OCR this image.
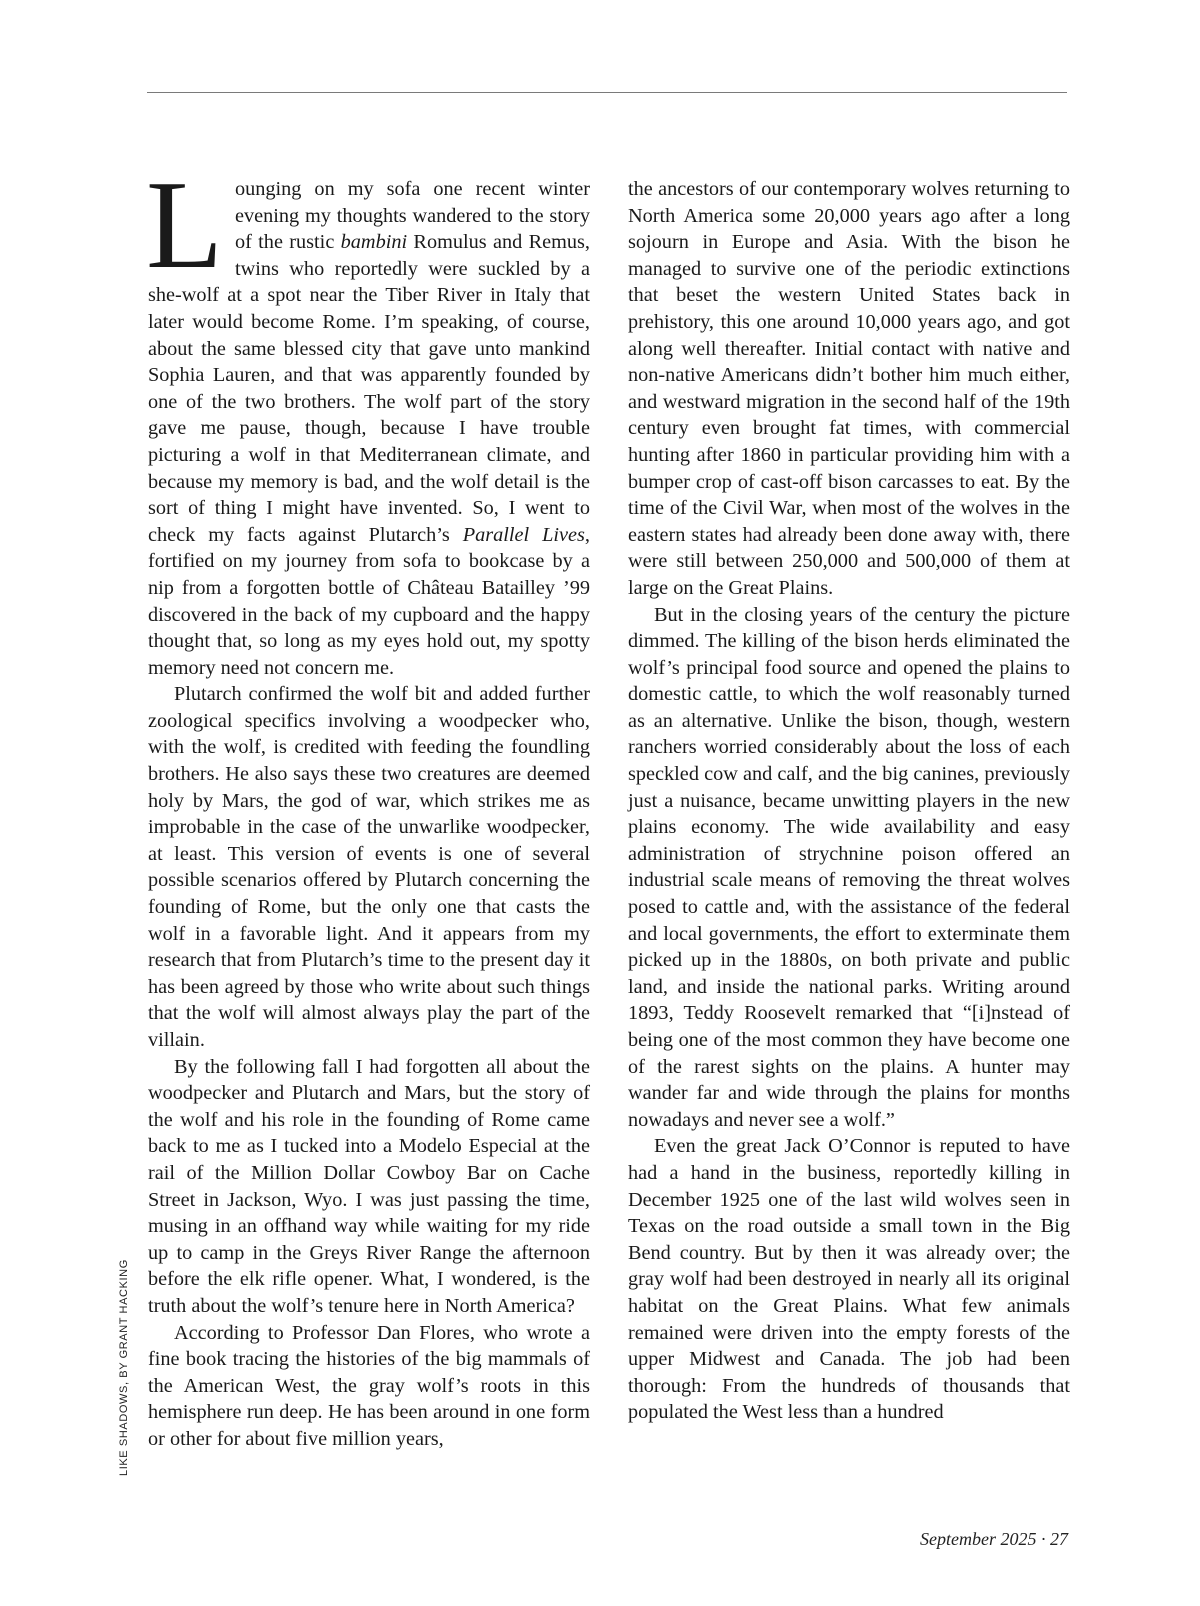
Lounging on my sofa one recent winter evening my thoughts wandered to the story of the rustic bambini Romulus and Remus, twins who reportedly were suckled by a she-wolf at a spot near the Tiber River in Italy that later would become Rome. I’m speaking, of course, about the same blessed city that gave unto mankind Sophia Lauren, and that was apparently founded by one of the two brothers. The wolf part of the story gave me pause, though, because I have trouble picturing a wolf in that Mediterranean climate, and because my memory is bad, and the wolf detail is the sort of thing I might have invented. So, I went to check my facts against Plutarch’s Parallel Lives, fortified on my journey from sofa to bookcase by a nip from a forgotten bottle of Château Batailley ’99 discovered in the back of my cupboard and the happy thought that, so long as my eyes hold out, my spotty memory need not concern me.

Plutarch confirmed the wolf bit and added further zoological specifics involving a woodpecker who, with the wolf, is credited with feeding the foundling brothers. He also says these two creatures are deemed holy by Mars, the god of war, which strikes me as improbable in the case of the unwarlike woodpecker, at least. This version of events is one of several possible scenarios offered by Plutarch concerning the founding of Rome, but the only one that casts the wolf in a favorable light. And it appears from my research that from Plutarch’s time to the present day it has been agreed by those who write about such things that the wolf will almost always play the part of the villain.

By the following fall I had forgotten all about the woodpecker and Plutarch and Mars, but the story of the wolf and his role in the founding of Rome came back to me as I tucked into a Modelo Especial at the rail of the Million Dollar Cowboy Bar on Cache Street in Jackson, Wyo. I was just passing the time, musing in an offhand way while waiting for my ride up to camp in the Greys River Range the afternoon before the elk rifle opener. What, I wondered, is the truth about the wolf’s tenure here in North America?

According to Professor Dan Flores, who wrote a fine book tracing the histories of the big mammals of the American West, the gray wolf’s roots in this hemisphere run deep. He has been around in one form or other for about five million years,

the ancestors of our contemporary wolves returning to North America some 20,000 years ago after a long sojourn in Europe and Asia. With the bison he managed to survive one of the periodic extinctions that beset the western United States back in prehistory, this one around 10,000 years ago, and got along well thereafter. Initial contact with native and non-native Americans didn’t bother him much either, and westward migration in the second half of the 19th century even brought fat times, with commercial hunting after 1860 in particular providing him with a bumper crop of cast-off bison carcasses to eat. By the time of the Civil War, when most of the wolves in the eastern states had already been done away with, there were still between 250,000 and 500,000 of them at large on the Great Plains.

But in the closing years of the century the picture dimmed. The killing of the bison herds eliminated the wolf’s principal food source and opened the plains to domestic cattle, to which the wolf reasonably turned as an alternative. Unlike the bison, though, western ranchers worried considerably about the loss of each speckled cow and calf, and the big canines, previously just a nuisance, became unwitting players in the new plains economy. The wide availability and easy administration of strychnine poison offered an industrial scale means of removing the threat wolves posed to cattle and, with the assistance of the federal and local governments, the effort to exterminate them picked up in the 1880s, on both private and public land, and inside the national parks. Writing around 1893, Teddy Roosevelt remarked that “[i]nstead of being one of the most common they have become one of the rarest sights on the plains. A hunter may wander far and wide through the plains for months nowadays and never see a wolf.”

Even the great Jack O’Connor is reputed to have had a hand in the business, reportedly killing in December 1925 one of the last wild wolves seen in Texas on the road outside a small town in the Big Bend country. But by then it was already over; the gray wolf had been destroyed in nearly all its original habitat on the Great Plains. What few animals remained were driven into the empty forests of the upper Midwest and Canada. The job had been thorough: From the hundreds of thousands that populated the West less than a hundred

LIKE SHADOWS, BY GRANT HACKING
September 2025 · 27
